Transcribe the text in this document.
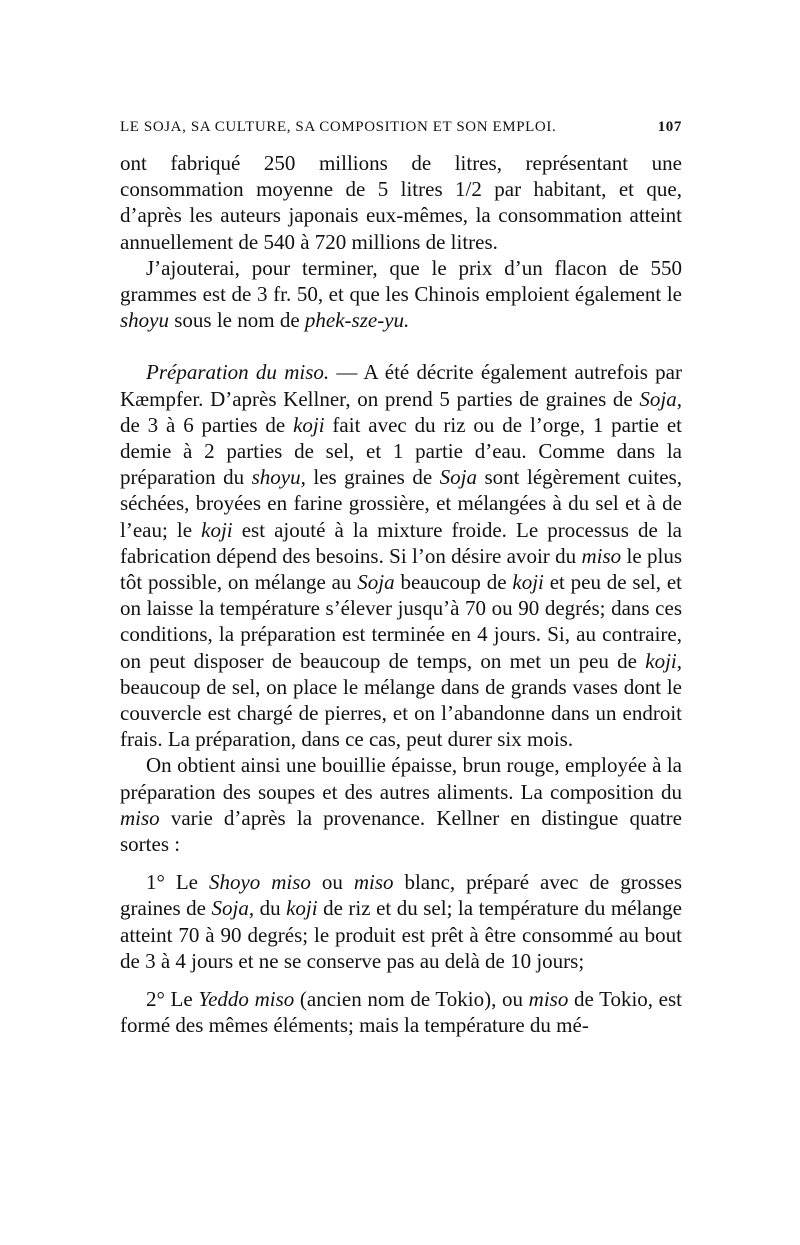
LE SOJA, SA CULTURE, SA COMPOSITION ET SON EMPLOI.	107

ont fabriqué 250 millions de litres, représentant une consommation moyenne de 5 litres 1/2 par habitant, et que, d’après les auteurs japonais eux-mêmes, la consommation atteint annuellement de 540 à 720 millions de litres.

J’ajouterai, pour terminer, que le prix d’un flacon de 550 grammes est de 3 fr. 50, et que les Chinois emploient également le shoyu sous le nom de phek-sze-yu.

Préparation du miso. — A été décrite également autrefois par Kæmpfer. D’après Kellner, on prend 5 parties de graines de Soja, de 3 à 6 parties de koji fait avec du riz ou de l’orge, 1 partie et demie à 2 parties de sel, et 1 partie d’eau. Comme dans la préparation du shoyu, les graines de Soja sont légèrement cuites, séchées, broyées en farine grossière, et mélangées à du sel et à de l’eau; le koji est ajouté à la mixture froide. Le processus de la fabrication dépend des besoins. Si l’on désire avoir du miso le plus tôt possible, on mélange au Soja beaucoup de koji et peu de sel, et on laisse la température s’élever jusqu’à 70 ou 90 degrés; dans ces conditions, la préparation est terminée en 4 jours. Si, au contraire, on peut disposer de beaucoup de temps, on met un peu de koji, beaucoup de sel, on place le mélange dans de grands vases dont le couvercle est chargé de pierres, et on l’abandonne dans un endroit frais. La préparation, dans ce cas, peut durer six mois.

On obtient ainsi une bouillie épaisse, brun rouge, employée à la préparation des soupes et des autres aliments. La composition du miso varie d’après la provenance. Kellner en distingue quatre sortes :

1° Le Shoyo miso ou miso blanc, préparé avec de grosses graines de Soja, du koji de riz et du sel; la température du mélange atteint 70 à 90 degrés; le produit est prêt à être consommé au bout de 3 à 4 jours et ne se conserve pas au delà de 10 jours;

2° Le Yeddo miso (ancien nom de Tokio), ou miso de Tokio, est formé des mêmes éléments; mais la température du mé-
